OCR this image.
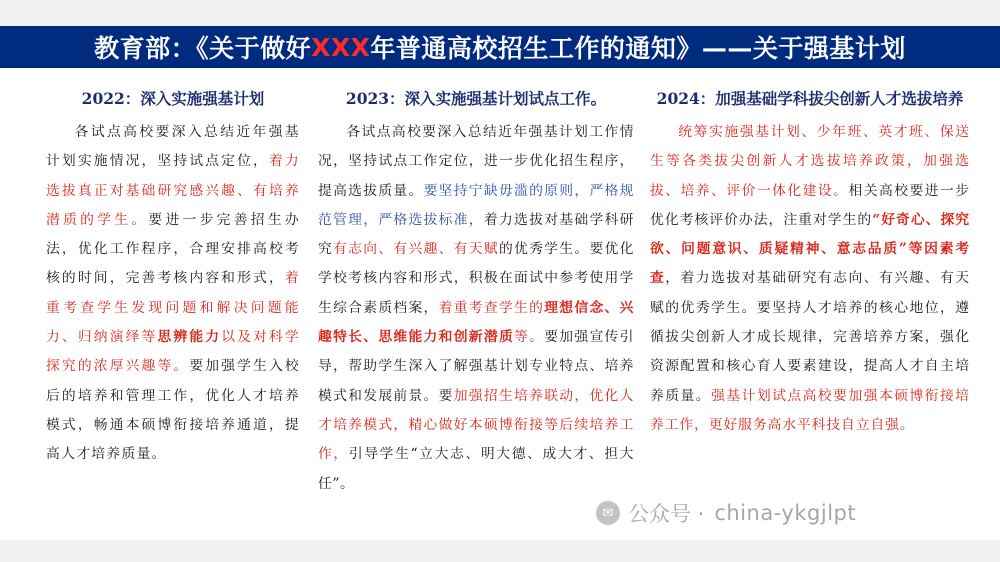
教育部：《关于做好 XXX 年普通高校招生工作的通知》——关于强基计划
2022：深入实施强基计划
各试点高校要深入总结近年强基计划实施情况，坚持试点定位，着力选拔真正对基础研究感兴趣、有培养潜质的学生。要进一步完善招生办法，优化工作程序，合理安排高校考核的时间，完善考核内容和形式，着重考查学生发现问题和解决问题能力、归纳演绎等思辨能力以及对科学探究的浓厚兴趣等。要加强学生入校后的培养和管理工作，优化人才培养模式，畅通本硕博衔接培养通道，提高人才培养质量。
2023：深入实施强基计划试点工作。
各试点高校要深入总结近年强基计划工作情况，坚持试点工作定位，进一步优化招生程序，提高选拔质量。要坚持宁缺毋滥的原则，严格规范管理，严格选拔标准，着力选拔对基础学科研究有志向、有兴趣、有天赋的优秀学生。要优化学校考核内容和形式，积极在面试中参考使用学生综合素质档案，着重考查学生的理想信念、兴趣特长、思维能力和创新潜质等。要加强宣传引导，帮助学生深入了解强基计划专业特点、培养模式和发展前景。要加强招生培养联动，优化人才培养模式，精心做好本硕博衔接等后续培养工作，引导学生“立大志、明大德、成大才、担大任”。
2024：加强基础学科拔尖创新人才选拔培养
统筹实施强基计划、少年班、英才班、保送生等各类拔尖创新人才选拔培养政策，加强选拔、培养、评价一体化建设。相关高校要进一步优化考核评价办法，注重对学生的“好奇心、探究欲、问题意识、质疑精神、意志品质”等因素考查，着力选拔对基础研究有志向、有兴趣、有天赋的优秀学生。要坚持人才培养的核心地位，遵循拔尖创新人才成长规律，完善培养方案，强化资源配置和核心育人要素建设，提高人才自主培养质量。强基计划试点高校要加强本硕博衔接培养工作，更好服务高水平科技自立自强。
✉ 公众号 · china-ykgjlpt
